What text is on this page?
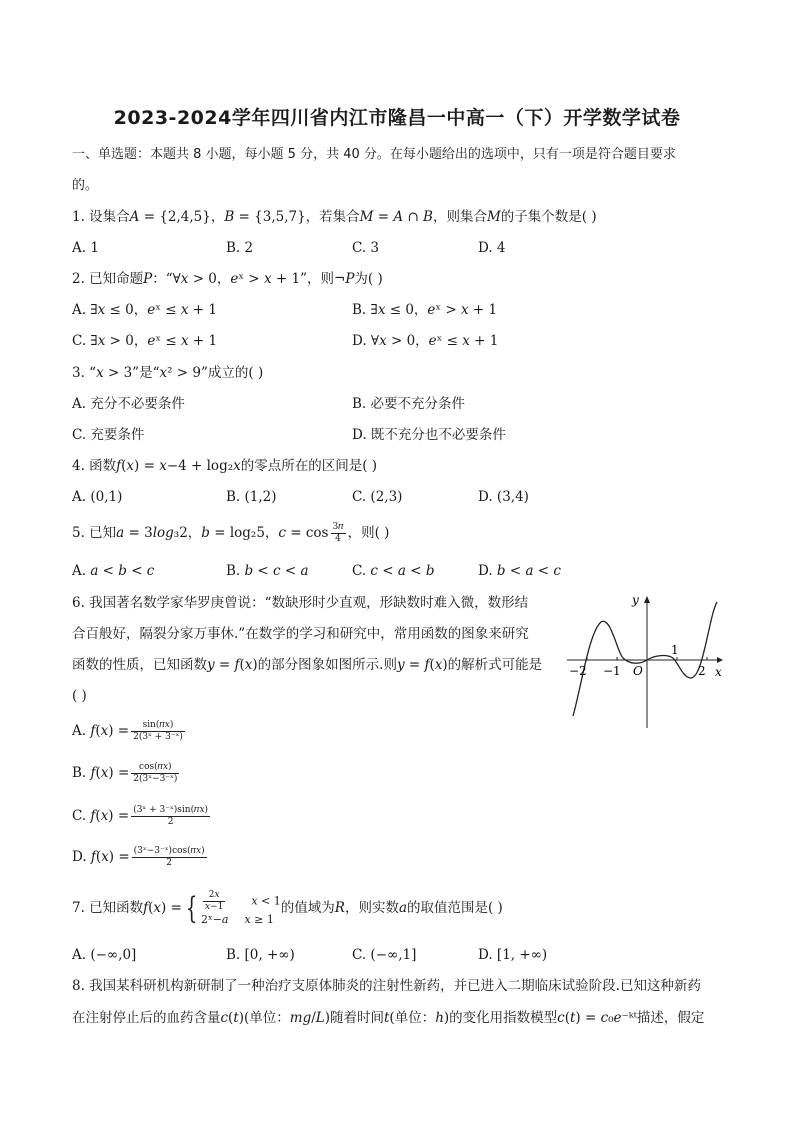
2023-2024学年四川省内江市隆昌一中高一（下）开学数学试卷
一、单选题：本题共 8 小题，每小题 5 分，共 40 分。在每小题给出的选项中，只有一项是符合题目要求
的。
1. 设集合𝐴 = {2,4,5}，𝐵 = {3,5,7}，若集合𝑀 = 𝐴 ∩ 𝐵，则集合𝑀的子集个数是( )
A. 1	B. 2	C. 3	D. 4
2. 已知命题𝑃：“∀𝑥 > 0，𝑒ˣ > 𝑥 + 1”，则¬𝑃为( )
A. ∃𝑥 ≤ 0，𝑒ˣ ≤ 𝑥 + 1	B. ∃𝑥 ≤ 0，𝑒ˣ > 𝑥 + 1
C. ∃𝑥 > 0，𝑒ˣ ≤ 𝑥 + 1	D. ∀𝑥 > 0，𝑒ˣ ≤ 𝑥 + 1
3. “𝑥 > 3”是“𝑥² > 9”成立的( )
A. 充分不必要条件	B. 必要不充分条件
C. 充要条件	D. 既不充分也不必要条件
4. 函数𝑓(𝑥) = 𝑥−4 + log₂𝑥的零点所在的区间是( )
A. (0,1)	B. (1,2)	C. (2,3)	D. (3,4)
5. 已知𝑎 = 3𝑙𝑜𝑔₃2，𝑏 = log₂5，𝑐 = $\cos \frac{\text{3𝜋}}{4}$ ，则( )
A. 𝑎 < 𝑏 < 𝑐	B. 𝑏 < 𝑐 < 𝑎	C. 𝑐 < 𝑎 < 𝑏	D. 𝑏 < 𝑎 < 𝑐
6. 我国著名数学家华罗庚曾说：“数缺形时少直观，形缺数时难入微，数形结
合百般好，隔裂分家万事休.”在数学的学习和研究中，常用函数的图象来研究
函数的性质，已知函数𝑦 = 𝑓(𝑥)的部分图象如图所示.则𝑦 = 𝑓(𝑥)的解析式可能是
( )
𝑦
𝑥
𝑂
−2 −1
1
2
A. 𝑓(𝑥) = $\frac{\text{sin(𝜋𝑥)}}{\text{2(3ˣ + 3⁻ˣ)}}$
B. 𝑓(𝑥) = $\frac{\text{cos(𝜋𝑥)}}{\text{2(3ˣ−3⁻ˣ)}}$
C. 𝑓(𝑥) = $\frac{\text{(3ˣ + 3⁻ˣ)sin(𝜋𝑥)}}{2}$
D. 𝑓(𝑥) = $\frac{\text{(3ˣ−3⁻ˣ)cos(𝜋𝑥)}}{2}$
7. 已知函数𝑓(𝑥) = { $\frac{\text{2𝑥}}{\text{𝑥−1}}$ 𝑥 < 1
2ˣ−𝑎 𝑥 ≥ 1
的值域为𝑅，则实数𝑎的取值范围是( )
A. (−∞,0]	B. [0, +∞)	C. (−∞,1]	D. [1, +∞)
8. 我国某科研机构新研制了一种治疗支原体肺炎的注射性新药，并已进入二期临床试验阶段.已知这种新药
在注射停止后的血药含量𝑐(𝑡)(单位：𝑚𝑔/𝐿)随着时间𝑡(单位：ℎ)的变化用指数模型𝑐(𝑡) = 𝑐₀𝑒⁻ᵏᵗ描述，假定
